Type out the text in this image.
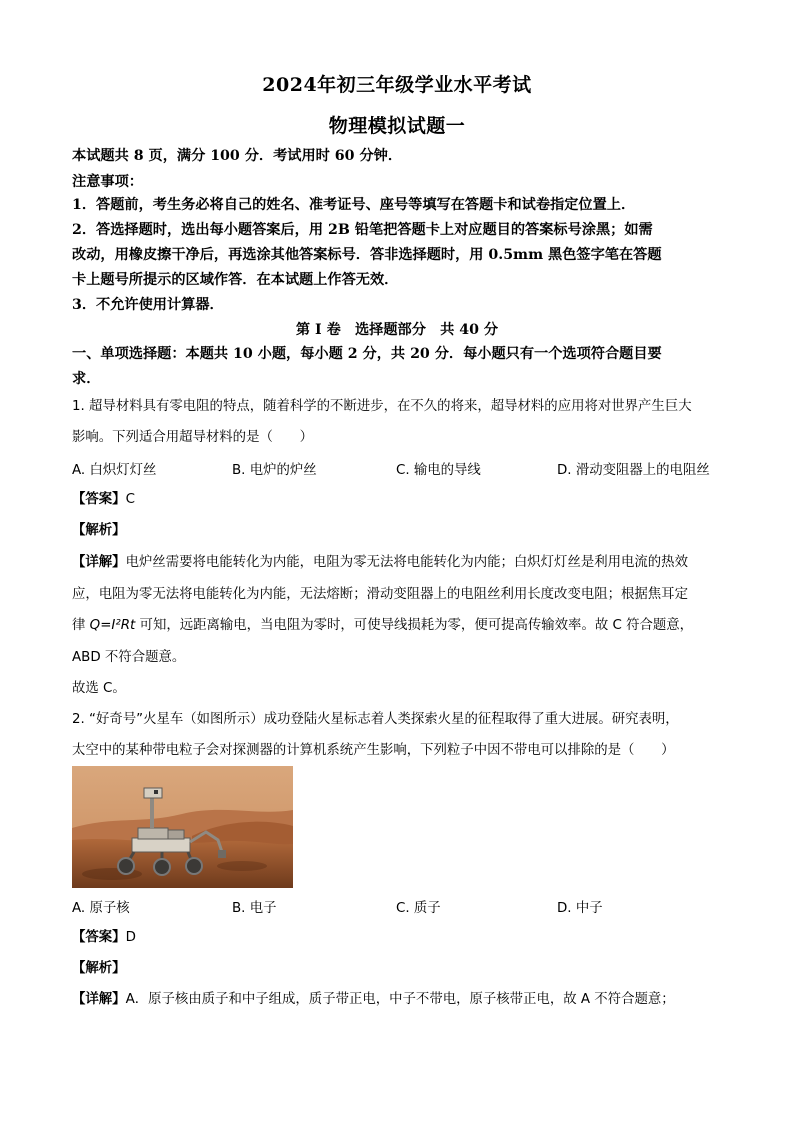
2024年初三年级学业水平考试
物理模拟试题一
本试题共 8 页，满分 100 分．考试用时 60 分钟．
注意事项：
1．答题前，考生务必将自己的姓名、准考证号、座号等填写在答题卡和试卷指定位置上．
2．答选择题时，选出每小题答案后，用 2B 铅笔把答题卡上对应题目的答案标号涂黑；如需
改动，用橡皮擦干净后，再选涂其他答案标号．答非选择题时，用 0.5mm 黑色签字笔在答题
卡上题号所提示的区域作答．在本试题上作答无效．
3．不允许使用计算器．
第 I 卷　选择题部分　共 40 分
一、单项选择题：本题共 10 小题，每小题 2 分，共 20 分．每小题只有一个选项符合题目要
求．
1. 超导材料具有零电阻的特点，随着科学的不断进步，在不久的将来，超导材料的应用将对世界产生巨大
影响。下列适合用超导材料的是（　　）
A. 白炽灯灯丝	B. 电炉的炉丝	C. 输电的导线	D. 滑动变阻器上的电阻丝
【答案】C
【解析】
【详解】电炉丝需要将电能转化为内能，电阻为零无法将电能转化为内能；白炽灯灯丝是利用电流的热效
应，电阻为零无法将电能转化为内能，无法熔断；滑动变阻器上的电阻丝利用长度改变电阻；根据焦耳定
律 Q=I²Rt 可知，远距离输电，当电阻为零时，可使导线损耗为零，便可提高传输效率。故 C 符合题意，
ABD 不符合题意。
故选 C。
2. “好奇号”火星车（如图所示）成功登陆火星标志着人类探索火星的征程取得了重大进展。研究表明，
太空中的某种带电粒子会对探测器的计算机系统产生影响，下列粒子中因不带电可以排除的是（　　）
A. 原子核	B. 电子	C. 质子	D. 中子
【答案】D
【解析】
【详解】A．原子核由质子和中子组成，质子带正电，中子不带电，原子核带正电，故 A 不符合题意；
